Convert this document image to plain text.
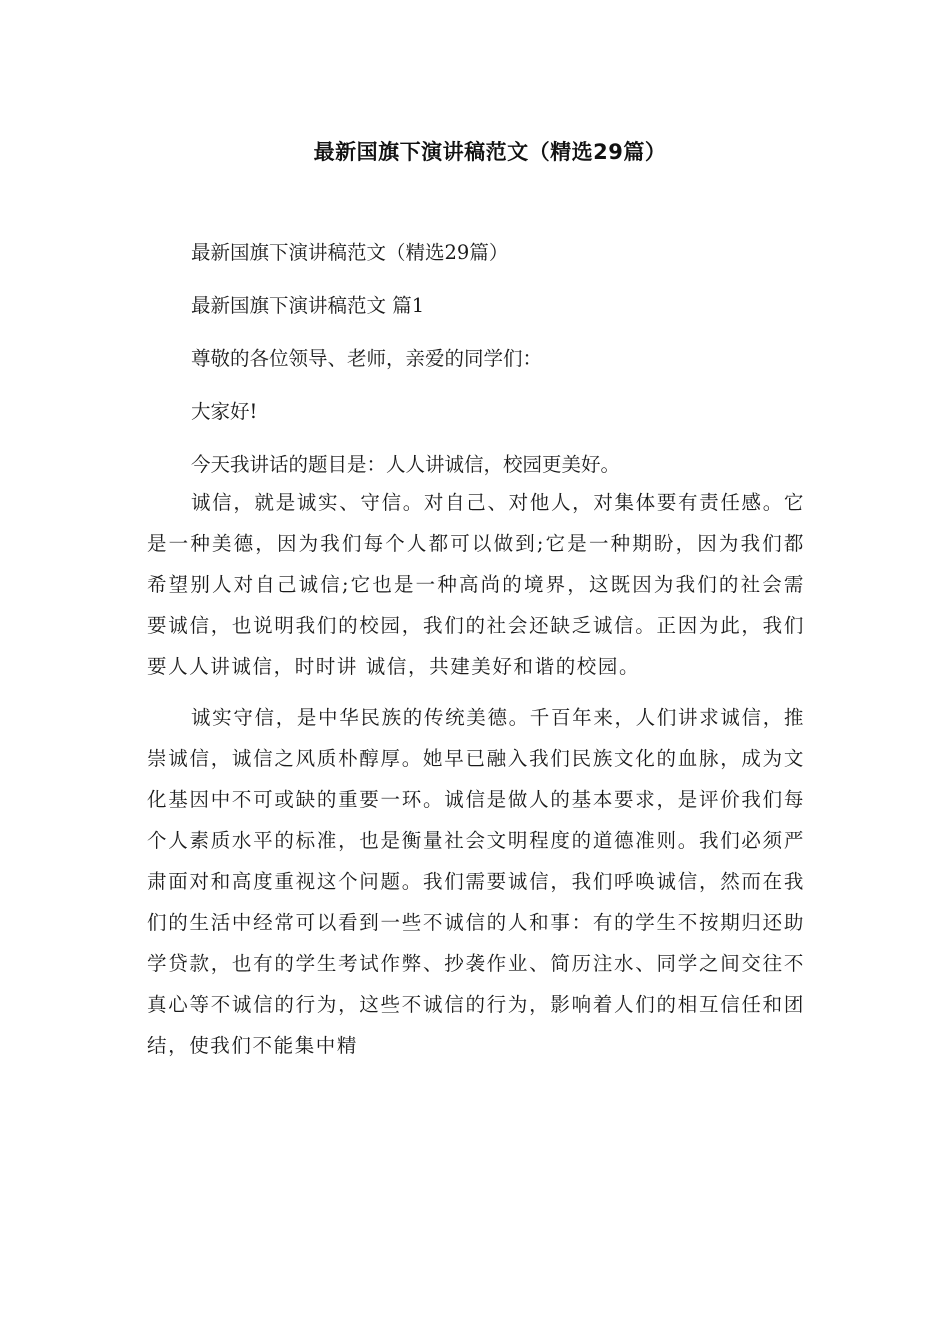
最新国旗下演讲稿范文（精选29篇）

最新国旗下演讲稿范文（精选29篇）

最新国旗下演讲稿范文 篇1

尊敬的各位领导、老师，亲爱的同学们：

大家好!

今天我讲话的题目是：人人讲诚信，校园更美好。

诚信，就是诚实、守信。对自己、对他人，对集体要有责任感。它是一种美德，因为我们每个人都可以做到;它是一种期盼，因为我们都希望别人对自己诚信;它也是一种高尚的境界，这既因为我们的社会需要诚信，也说明我们的校园，我们的社会还缺乏诚信。正因为此，我们要人人讲诚信，时时讲 诚信，共建美好和谐的校园。

诚实守信，是中华民族的传统美德。千百年来，人们讲求诚信，推崇诚信，诚信之风质朴醇厚。她早已融入我们民族文化的血脉，成为文化基因中不可或缺的重要一环。诚信是做人的基本要求，是评价我们每个人素质水平的标准，也是衡量社会文明程度的道德准则。我们必须严肃面对和高度重视这个问题。我们需要诚信，我们呼唤诚信，然而在我们的生活中经常可以看到一些不诚信的人和事：有的学生不按期归还助学贷款，也有的学生考试作弊、抄袭作业、简历注水、同学之间交往不真心等不诚信的行为，这些不诚信的行为，影响着人们的相互信任和团结，使我们不能集中精
